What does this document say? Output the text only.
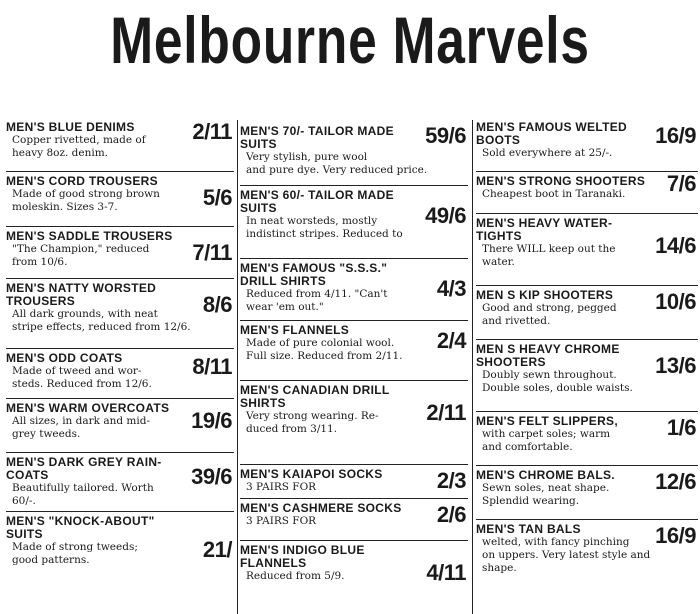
Melbourne Marvels
MEN'S BLUE DENIMS
Copper rivetted, made of
heavy 8oz. denim.
2/11
MEN'S CORD TROUSERS
Made of good strong brown
moleskin. Sizes 3-7.	5/6
MEN'S SADDLE TROUSERS
"The Champion," reduced
from 10/6.	7/11
MEN'S NATTY WORSTED
TROUSERS
All dark grounds, with neat
stripe effects, reduced from 12/6.
8/6
MEN'S ODD COATS
Made of tweed and wor-
steds. Reduced from 12/6.
8/11
MEN'S WARM OVERCOATS
All sizes, in dark and mid-
grey tweeds.
19/6
MEN'S DARK GREY RAIN-
COATS
Beautifully tailored. Worth
60/-.
39/6
MEN'S "KNOCK-ABOUT"
SUITS
Made of strong tweeds;
good patterns.	21/
MEN'S 70/- TAILOR MADE
SUITS
Very stylish, pure wool
and pure dye. Very reduced price.
59/6
MEN'S 60/- TAILOR MADE
SUITS
In neat worsteds, mostly
indistinct stripes. Reduced to
49/6
MEN'S FAMOUS "S.S.S."
DRILL SHIRTS
Reduced from 4/11. "Can't
wear 'em out."
4/3
MEN'S FLANNELS
Made of pure colonial wool.
Full size. Reduced from 2/11.
2/4
MEN'S CANADIAN DRILL
SHIRTS
Very strong wearing. Re-
duced from 3/11.
2/11
MEN'S KAIAPOI SOCKS
3 PAIRS FOR	2/3
MEN'S CASHMERE SOCKS
3 PAIRS FOR	2/6
MEN'S INDIGO BLUE
FLANNELS
Reduced from 5/9.	4/11
MEN'S FAMOUS WELTED
BOOTS
Sold everywhere at 25/-.
16/9
MEN'S STRONG SHOOTERS
Cheapest boot in Taranaki.	7/6
MEN'S HEAVY WATER-
TIGHTS
There WILL keep out the
water.
14/6
MEN S KIP SHOOTERS
Good and strong, pegged
and rivetted.
10/6
MEN S HEAVY CHROME
SHOOTERS
Doubly sewn throughout.
Double soles, double waists.
13/6
MEN'S FELT SLIPPERS,
with carpet soles; warm
and comfortable.
1/6
MEN'S CHROME BALS.
Sewn soles, neat shape.
Splendid wearing.
12/6
MEN'S TAN BALS
welted, with fancy pinching
on uppers. Very latest style and
shape.
16/9
